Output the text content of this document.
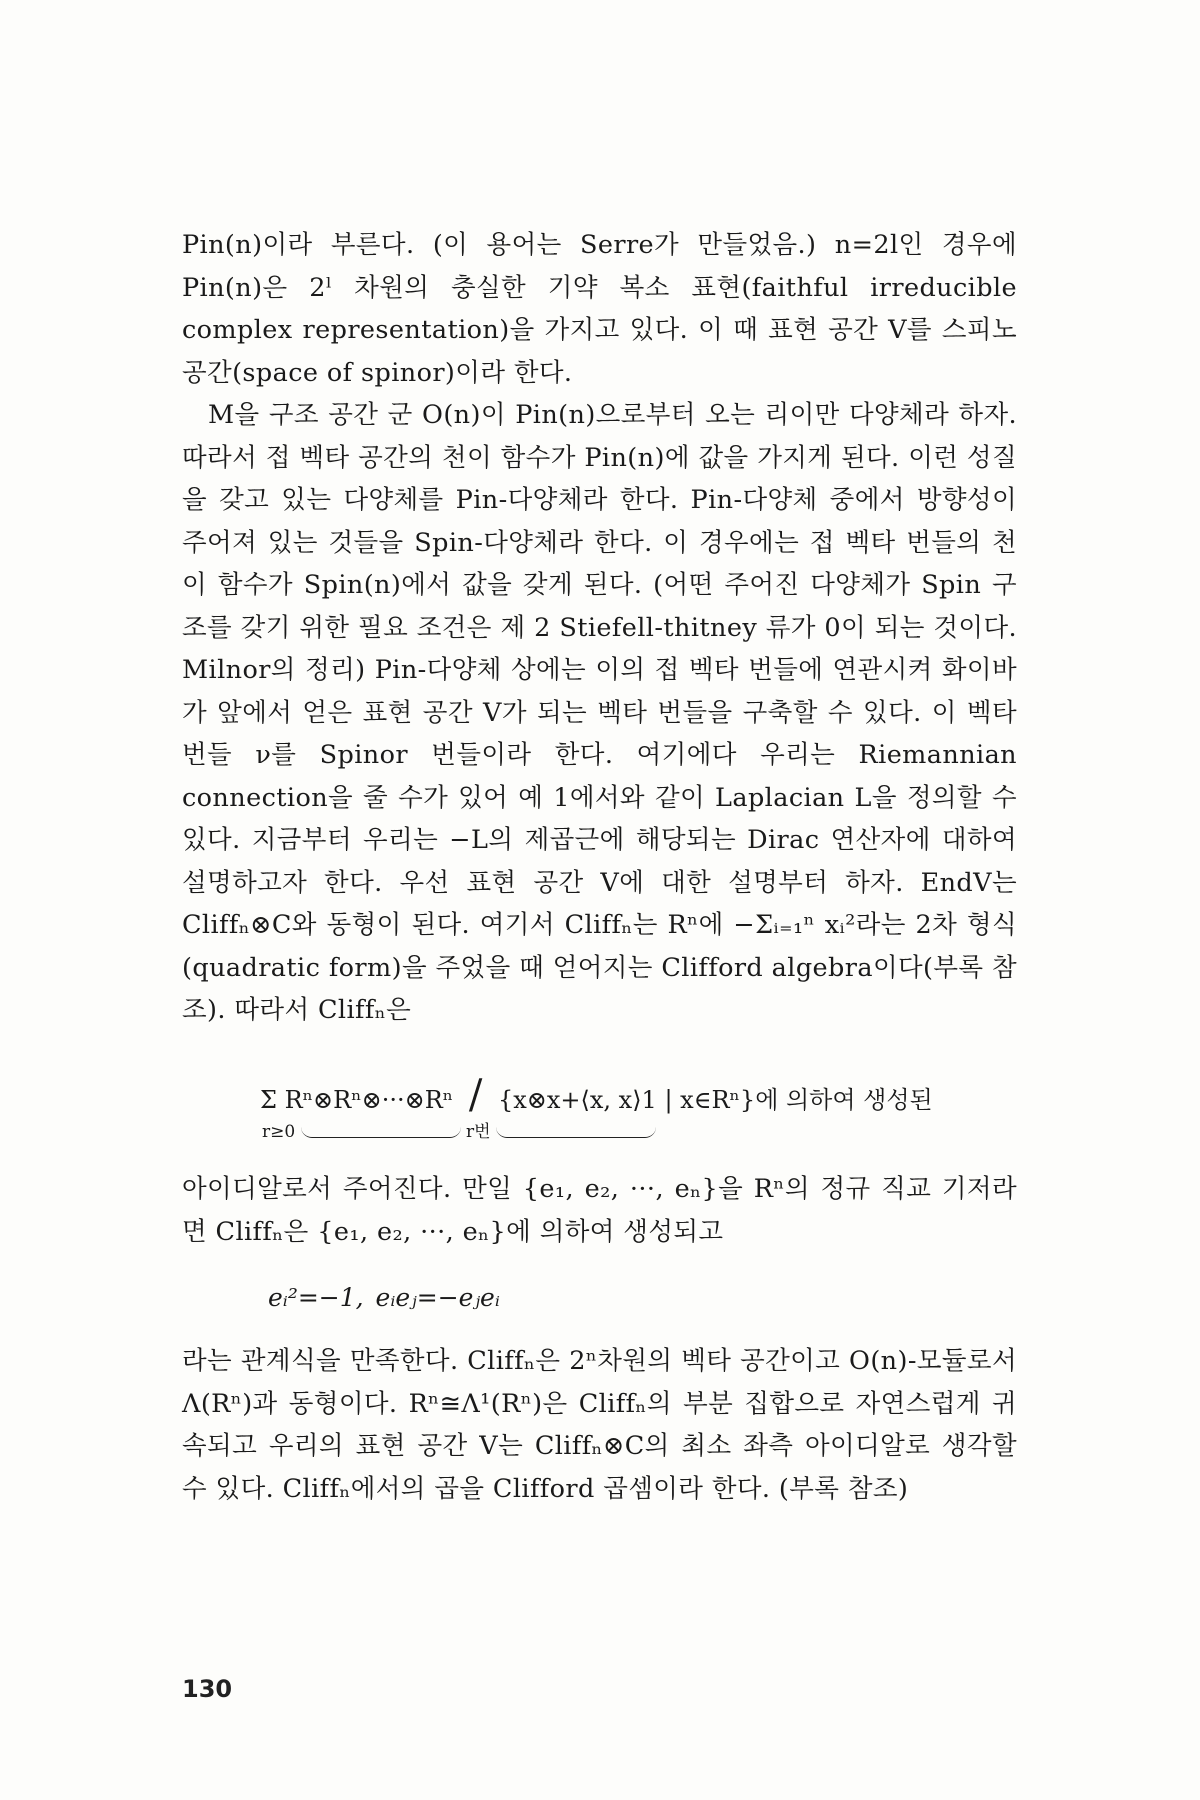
Pin(n)이라 부른다. (이 용어는 Serre가 만들었음.) n=2l인 경우에 Pin(n)은 2ˡ 차원의 충실한 기약 복소 표현(faithful irreducible complex representation)을 가지고 있다. 이 때 표현 공간 V를 스피노 공간(space of spinor)이라 한다.

M을 구조 공간 군 O(n)이 Pin(n)으로부터 오는 리이만 다양체라 하자. 따라서 접 벡타 공간의 천이 함수가 Pin(n)에 값을 가지게 된다. 이런 성질을 갖고 있는 다양체를 Pin-다양체라 한다. Pin-다양체 중에서 방향성이 주어져 있는 것들을 Spin-다양체라 한다. 이 경우에는 접 벡타 번들의 천이 함수가 Spin(n)에서 값을 갖게 된다. (어떤 주어진 다양체가 Spin 구조를 갖기 위한 필요 조건은 제 2 Stiefell-thitney 류가 0이 되는 것이다. Milnor의 정리) Pin-다양체 상에는 이의 접 벡타 번들에 연관시켜 화이바가 앞에서 얻은 표현 공간 V가 되는 벡타 번들을 구축할 수 있다. 이 벡타 번들 ν를 Spinor 번들이라 한다. 여기에다 우리는 Riemannian connection을 줄 수가 있어 예 1에서와 같이 Laplacian L을 정의할 수 있다. 지금부터 우리는 −L의 제곱근에 해당되는 Dirac 연산자에 대하여 설명하고자 한다. 우선 표현 공간 V에 대한 설명부터 하자. EndV는 Cliffₙ⊗C와 동형이 된다. 여기서 Cliffₙ는 Rⁿ에 −Σᵢ₌₁ⁿ xᵢ²라는 2차 형식(quadratic form)을 주었을 때 얻어지는 Clifford algebra이다(부록 참조). 따라서 Cliffₙ은

Σ Rⁿ⊗Rⁿ⊗···⊗Rⁿ / {x⊗x+⟨x, x⟩1 | x∈Rⁿ}에 의하여 생성된
r≥0	r번

아이디알로서 주어진다. 만일 {e₁, e₂, ···, eₙ}을 Rⁿ의 정규 직교 기저라면 Cliffₙ은 {e₁, e₂, ···, eₙ}에 의하여 생성되고

eᵢ²=−1, eᵢeⱼ=−eⱼeᵢ

라는 관계식을 만족한다. Cliffₙ은 2ⁿ차원의 벡타 공간이고 O(n)-모듈로서 Λ(Rⁿ)과 동형이다. Rⁿ≅Λ¹(Rⁿ)은 Cliffₙ의 부분 집합으로 자연스럽게 귀속되고 우리의 표현 공간 V는 Cliffₙ⊗C의 최소 좌측 아이디알로 생각할 수 있다. Cliffₙ에서의 곱을 Clifford 곱셈이라 한다. (부록 참조)

130
